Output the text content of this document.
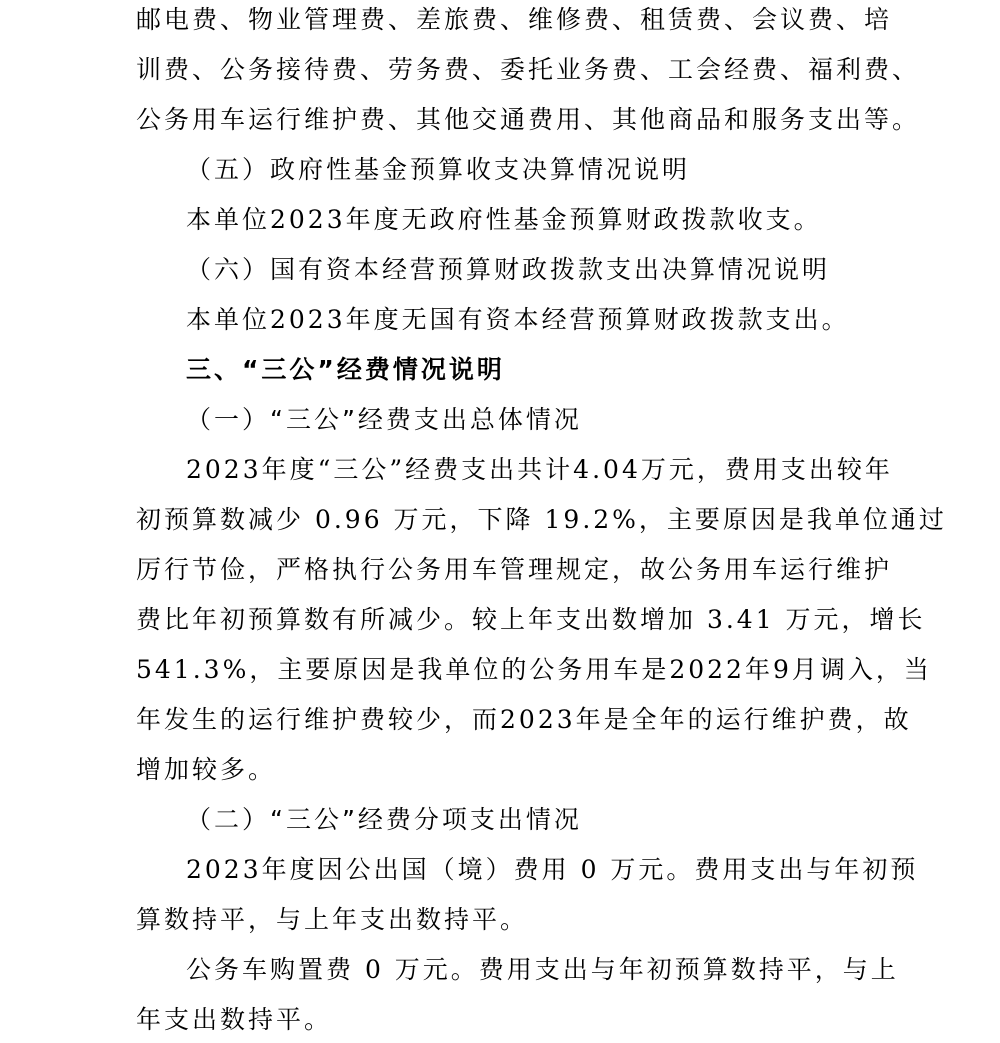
邮电费、物业管理费、差旅费、维修费、租赁费、会议费、培
训费、公务接待费、劳务费、委托业务费、工会经费、福利费、
公务用车运行维护费、其他交通费用、其他商品和服务支出等。
（五）政府性基金预算收支决算情况说明
本单位2023年度无政府性基金预算财政拨款收支。
（六）国有资本经营预算财政拨款支出决算情况说明
本单位2023年度无国有资本经营预算财政拨款支出。
三、“三公”经费情况说明
（一）“三公”经费支出总体情况
2023年度“三公”经费支出共计4.04万元，费用支出较年
初预算数减少 0.96 万元，下降 19.2%，主要原因是我单位通过
厉行节俭，严格执行公务用车管理规定，故公务用车运行维护
费比年初预算数有所减少。较上年支出数增加 3.41 万元，增长
541.3%，主要原因是我单位的公务用车是2022年9月调入，当
年发生的运行维护费较少，而2023年是全年的运行维护费，故
增加较多。
（二）“三公”经费分项支出情况
2023年度因公出国（境）费用 0 万元。费用支出与年初预
算数持平，与上年支出数持平。
公务车购置费 0 万元。费用支出与年初预算数持平，与上
年支出数持平。
